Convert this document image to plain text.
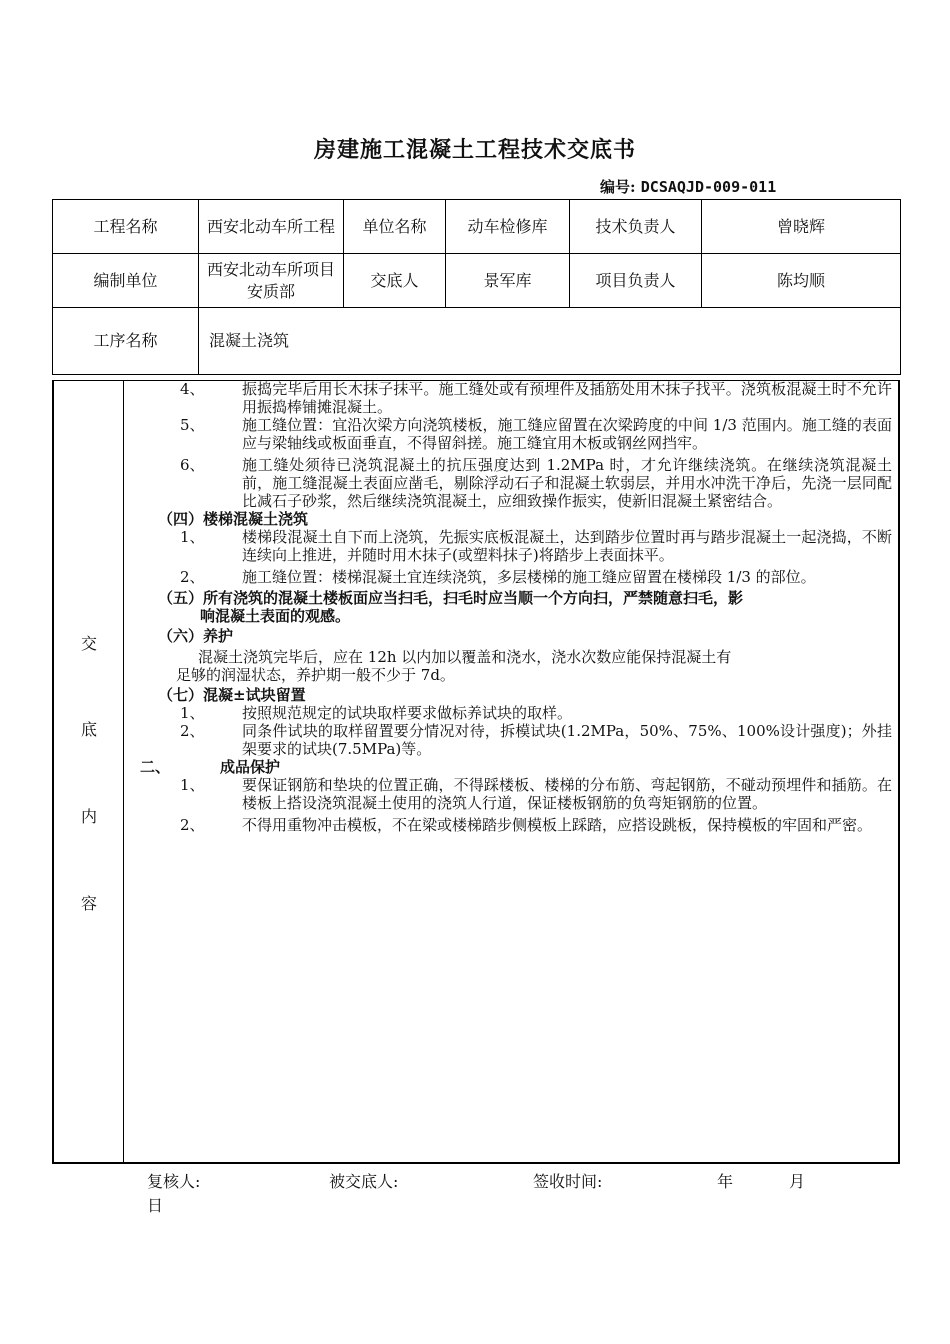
房建施工混凝土工程技术交底书
编号: DCSAQJD-009-011
工程名称	西安北动车所工程	单位名称	动车检修库	技术负责人	曾晓辉
编制单位	西安北动车所项目安质部	交底人	景军库	项目负责人	陈均顺
工序名称	混凝土浇筑				
交
底
内
容
4、 振捣完毕后用长木抹子抹平。施工缝处或有预埋件及插筋处用木抹子找平。浇筑板混凝土时不允许用振捣棒铺摊混凝土。
5、 施工缝位置：宜沿次梁方向浇筑楼板，施工缝应留置在次梁跨度的中间 1/3 范围内。施工缝的表面应与梁轴线或板面垂直，不得留斜搓。施工缝宜用木板或钢丝网挡牢。
6、 施工缝处须待已浇筑混凝土的抗压强度达到 1.2MPa 时，才允许继续浇筑。在继续浇筑混凝土前，施工缝混凝土表面应凿毛，剔除浮动石子和混凝土软弱层，并用水冲洗干净后，先浇一层同配比减石子砂浆，然后继续浇筑混凝土，应细致操作振实，使新旧混凝土紧密结合。
（四）楼梯混凝土浇筑
1、 楼梯段混凝土自下而上浇筑，先振实底板混凝土，达到踏步位置时再与踏步混凝土一起浇捣，不断连续向上推进，并随时用木抹子(或塑料抹子)将踏步上表面抹平。
2、 施工缝位置：楼梯混凝土宜连续浇筑，多层楼梯的施工缝应留置在楼梯段 1/3 的部位。
（五）所有浇筑的混凝土楼板面应当扫毛，扫毛时应当顺一个方向扫，严禁随意扫毛，影
响混凝土表面的观感。
（六）养护
混凝土浇筑完毕后，应在 12h 以内加以覆盖和浇水，浇水次数应能保持混凝土有
足够的润湿状态，养护期一般不少于 7d。
（七）混凝±试块留置
1、 按照规范规定的试块取样要求做标养试块的取样。
2、 同条件试块的取样留置要分情况对待，拆模试块(1.2MPa，50%、75%、100%设计强度)；外挂架要求的试块(7.5MPa)等。
二、	成品保护
1、 要保证钢筋和垫块的位置正确，不得踩楼板、楼梯的分布筋、弯起钢筋，不碰动预埋件和插筋。在楼板上搭设浇筑混凝土使用的浇筑人行道，保证楼板钢筋的负弯矩钢筋的位置。
2、 不得用重物冲击模板，不在梁或楼梯踏步侧模板上踩踏，应搭设跳板，保持模板的牢固和严密。
复核人:	被交底人:	签收时间:	年	月
日
